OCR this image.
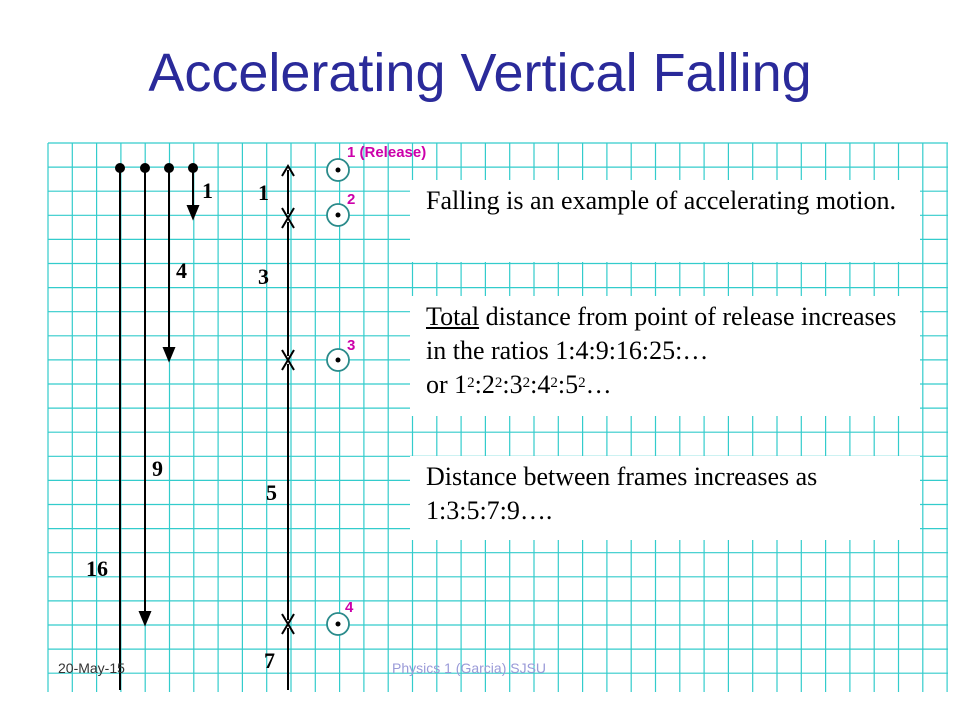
1 (Release)
2
3
4
1
4
9
16
1
3
5
7
Accelerating Vertical Falling
Falling is an example of accelerating motion.
Total distance from point of release increases in the ratios 1:4:9:16:25:…
or $1^2:2^2:3^2:4^2:5^2\dots$
Distance between frames increases as 1:3:5:7:9….
20-May-15	Physics 1 (Garcia) SJSU
